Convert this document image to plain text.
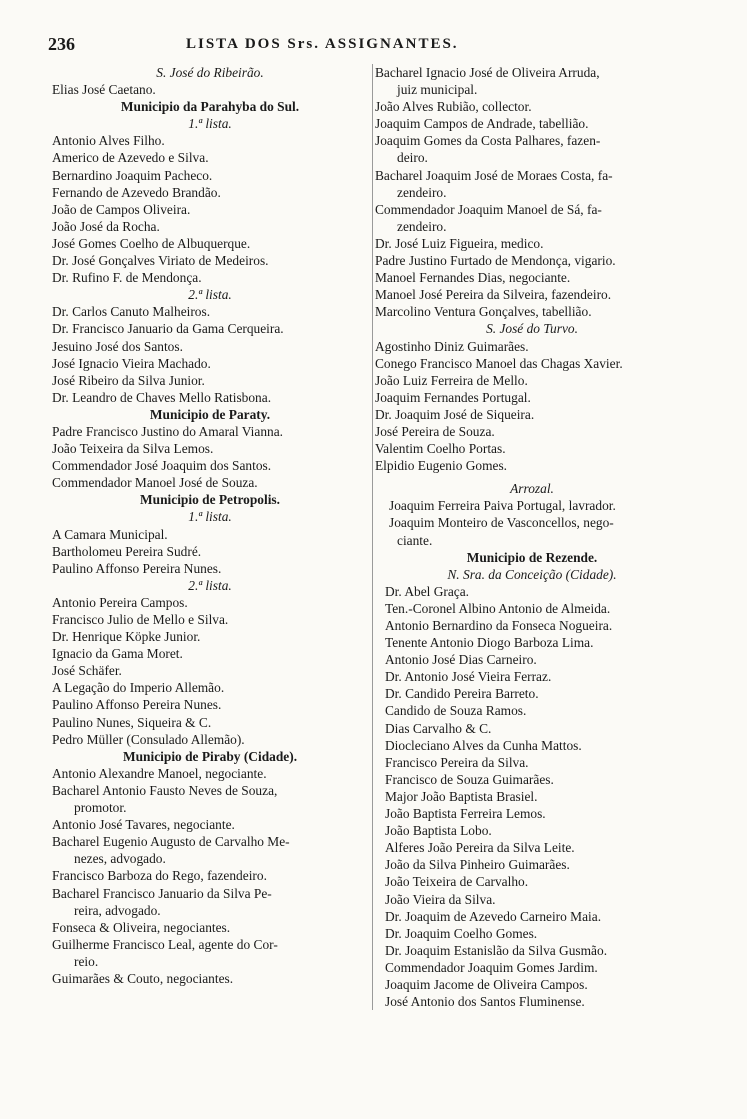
236	LISTA DOS Srs. ASSIGNANTES.
S. José do Ribeirão.
Elias José Caetano.
Municipio da Parahyba do Sul.
1.ª lista.
Antonio Alves Filho.
Americo de Azevedo e Silva.
Bernardino Joaquim Pacheco.
Fernando de Azevedo Brandão.
João de Campos Oliveira.
João José da Rocha.
José Gomes Coelho de Albuquerque.
Dr. José Gonçalves Viriato de Medeiros.
Dr. Rufino F. de Mendonça.
2.ª lista.
Dr. Carlos Canuto Malheiros.
Dr. Francisco Januario da Gama Cerqueira.
Jesuino José dos Santos.
José Ignacio Vieira Machado.
José Ribeiro da Silva Junior.
Dr. Leandro de Chaves Mello Ratisbona.
Municipio de Paraty.
Padre Francisco Justino do Amaral Vianna.
João Teixeira da Silva Lemos.
Commendador José Joaquim dos Santos.
Commendador Manoel José de Souza.
Municipio de Petropolis.
1.ª lista.
A Camara Municipal.
Bartholomeu Pereira Sudré.
Paulino Affonso Pereira Nunes.
2.ª lista.
Antonio Pereira Campos.
Francisco Julio de Mello e Silva.
Dr. Henrique Köpke Junior.
Ignacio da Gama Moret.
José Schäfer.
A Legação do Imperio Allemão.
Paulino Affonso Pereira Nunes.
Paulino Nunes, Siqueira & C.
Pedro Müller (Consulado Allemão).
Municipio de Piraby (Cidade).
Antonio Alexandre Manoel, negociante.
Bacharel Antonio Fausto Neves de Souza,
promotor.
Antonio José Tavares, negociante.
Bacharel Eugenio Augusto de Carvalho Me-
nezes, advogado.
Francisco Barboza do Rego, fazendeiro.
Bacharel Francisco Januario da Silva Pe-
reira, advogado.
Fonseca & Oliveira, negociantes.
Guilherme Francisco Leal, agente do Cor-
reio.
Guimarães & Couto, negociantes.
Bacharel Ignacio José de Oliveira Arruda,
juiz municipal.
João Alves Rubião, collector.
Joaquim Campos de Andrade, tabellião.
Joaquim Gomes da Costa Palhares, fazen-
deiro.
Bacharel Joaquim José de Moraes Costa, fa-
zendeiro.
Commendador Joaquim Manoel de Sá, fa-
zendeiro.
Dr. José Luiz Figueira, medico.
Padre Justino Furtado de Mendonça, vigario.
Manoel Fernandes Dias, negociante.
Manoel José Pereira da Silveira, fazendeiro.
Marcolino Ventura Gonçalves, tabellião.
S. José do Turvo.
Agostinho Diniz Guimarães.
Conego Francisco Manoel das Chagas Xavier.
João Luiz Ferreira de Mello.
Joaquim Fernandes Portugal.
Dr. Joaquim José de Siqueira.
José Pereira de Souza.
Valentim Coelho Portas.
Elpidio Eugenio Gomes.
Arrozal.
Joaquim Ferreira Paiva Portugal, lavrador.
Joaquim Monteiro de Vasconcellos, nego-
ciante.
Municipio de Rezende.
N. Sra. da Conceição (Cidade).
Dr. Abel Graça.
Ten.-Coronel Albino Antonio de Almeida.
Antonio Bernardino da Fonseca Nogueira.
Tenente Antonio Diogo Barboza Lima.
Antonio José Dias Carneiro.
Dr. Antonio José Vieira Ferraz.
Dr. Candido Pereira Barreto.
Candido de Souza Ramos.
Dias Carvalho & C.
Diocleciano Alves da Cunha Mattos.
Francisco Pereira da Silva.
Francisco de Souza Guimarães.
Major João Baptista Brasiel.
João Baptista Ferreira Lemos.
João Baptista Lobo.
Alferes João Pereira da Silva Leite.
João da Silva Pinheiro Guimarães.
João Teixeira de Carvalho.
João Vieira da Silva.
Dr. Joaquim de Azevedo Carneiro Maia.
Dr. Joaquim Coelho Gomes.
Dr. Joaquim Estanislão da Silva Gusmão.
Commendador Joaquim Gomes Jardim.
Joaquim Jacome de Oliveira Campos.
José Antonio dos Santos Fluminense.
